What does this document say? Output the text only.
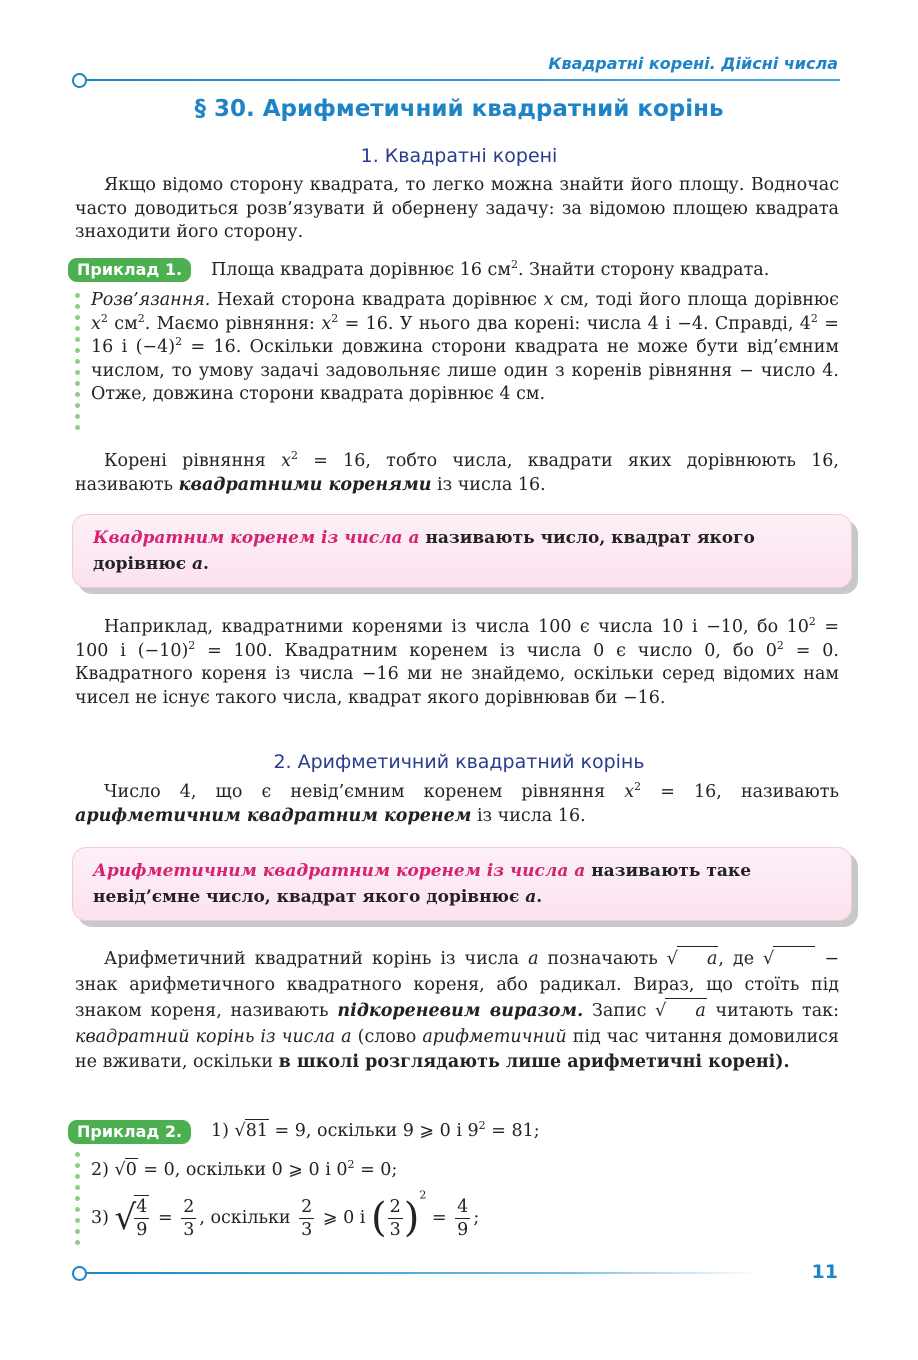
Квадратні корені. Дійсні числа
§ 30. Арифметичний квадратний корінь
1. Квадратні корені
Якщо відомо сторону квадрата, то легко можна знайти його площу. Водночас часто доводиться розв’язувати й обернену задачу: за відомою площею квадрата знаходити його сторону.
Приклад 1.	Площа квадрата дорівнює 16 $см^2$. Знайти сторону квадрата.
Розв’язання. Нехай сторона квадрата дорівнює x см, тоді його площа дорівнює $x^2$ $см^2$. Маємо рівняння: $x^2 = 16$. У нього два корені: числа 4 і −4. Справді, $4^2 = 16$ і $(-4)^2 = 16$. Оскільки довжина сторони квадрата не може бути від’ємним числом, то умову задачі задовольняє лише один з коренів рівняння − число 4. Отже, довжина сторони квадрата дорівнює 4 см.
Корені рівняння $x^2 = 16$, тобто числа, квадрати яких дорівнюють 16, називають квадратними коренями із числа 16.
Квадратним коренем із числа a називають число, квадрат якого дорівнює a.
Наприклад, квадратними коренями із числа 100 є числа 10 і −10, бо $10^2 = 100$ і $(-10)^2 = 100$. Квадратним коренем із числа 0 є число 0, бо $0^2 = 0$. Квадратного кореня із числа −16 ми не знайдемо, оскільки серед відомих нам чисел не існує такого числа, квадрат якого дорівнював би −16.
2. Арифметичний квадратний корінь
Число 4, що є невід’ємним коренем рівняння $x^2 = 16$, називають арифметичним квадратним коренем із числа 16.
Арифметичним квадратним коренем із числа a називають таке невід’ємне число, квадрат якого дорівнює a.
Арифметичний квадратний корінь із числа a позначають √ a, де √	− знак арифметичного квадратного кореня, або радикал. Вираз, що стоїть під знаком кореня, називають підкореневим виразом. Запис √ a читають так: квадратний корінь із числа a (слово арифметичний під час читання домовилися не вживати, оскільки в школі розглядають лише арифметичні корені).
Приклад 2.	1) √81 = 9, оскільки 9 ⩾ 0 і $9^2 = 81$;
2) √0 = 0, оскільки 0 ⩾ 0 і $0^2 = 0$;
3) √
$\frac{4}{9} = \frac{2}{3}$ , оскільки $\frac{2}{3}$ ⩾ 0 і ( $\frac{2}{3} )^2 = \frac{4}{9}$ ;
11
